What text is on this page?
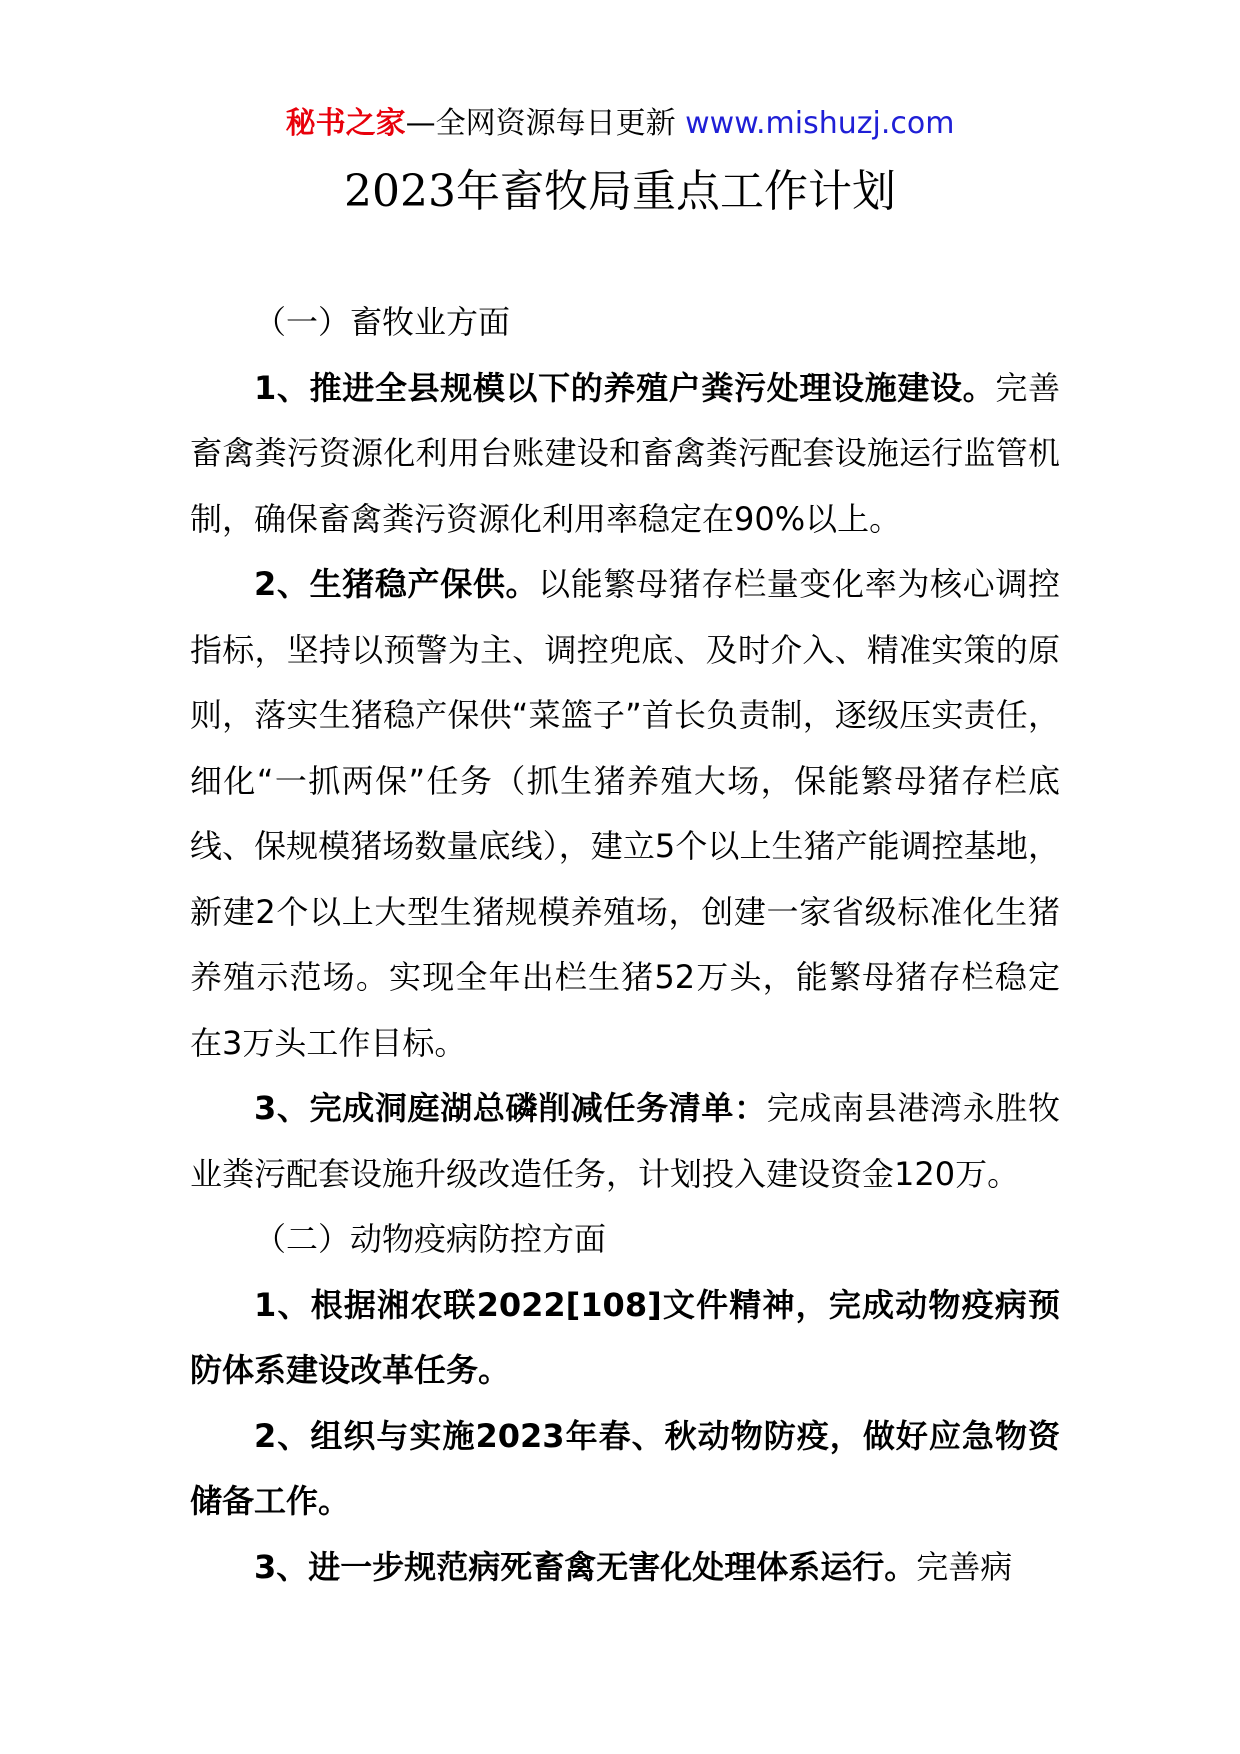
秘书之家—全网资源每日更新 www.mishuzj.com
2023年畜牧局重点工作计划

（一）畜牧业方面

1、推进全县规模以下的养殖户粪污处理设施建设。完善畜禽粪污资源化利用台账建设和畜禽粪污配套设施运行监管机制，确保畜禽粪污资源化利用率稳定在90%以上。

2、生猪稳产保供。以能繁母猪存栏量变化率为核心调控指标，坚持以预警为主、调控兜底、及时介入、精准实策的原则，落实生猪稳产保供“菜篮子”首长负责制，逐级压实责任，细化“一抓两保”任务（抓生猪养殖大场，保能繁母猪存栏底线、保规模猪场数量底线），建立5个以上生猪产能调控基地，新建2个以上大型生猪规模养殖场，创建一家省级标准化生猪养殖示范场。实现全年出栏生猪52万头，能繁母猪存栏稳定在3万头工作目标。

3、完成洞庭湖总磷削减任务清单：完成南县港湾永胜牧业粪污配套设施升级改造任务，计划投入建设资金120万。

（二）动物疫病防控方面

1、根据湘农联2022[108]文件精神，完成动物疫病预防体系建设改革任务。

2、组织与实施2023年春、秋动物防疫，做好应急物资储备工作。

3、进一步规范病死畜禽无害化处理体系运行。完善病
